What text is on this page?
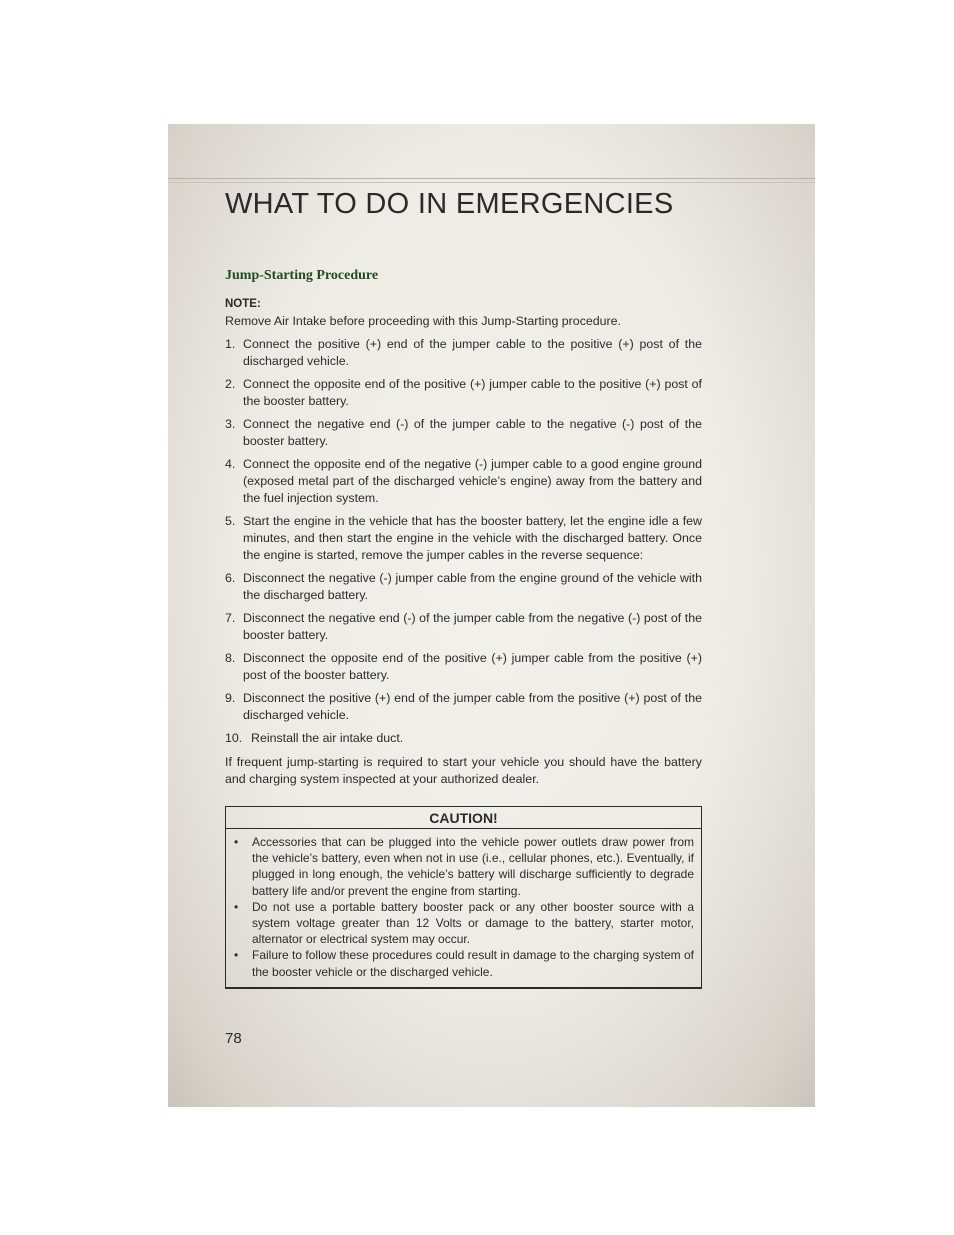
WHAT TO DO IN EMERGENCIES
Jump-Starting Procedure

NOTE:

Remove Air Intake before proceeding with this Jump-Starting procedure.

1. Connect the positive (+) end of the jumper cable to the positive (+) post of the discharged vehicle.
2. Connect the opposite end of the positive (+) jumper cable to the positive (+) post of the booster battery.
3. Connect the negative end (-) of the jumper cable to the negative (-) post of the booster battery.
4. Connect the opposite end of the negative (-) jumper cable to a good engine ground (exposed metal part of the discharged vehicle’s engine) away from the battery and the fuel injection system.
5. Start the engine in the vehicle that has the booster battery, let the engine idle a few minutes, and then start the engine in the vehicle with the discharged battery. Once the engine is started, remove the jumper cables in the reverse sequence:
6. Disconnect the negative (-) jumper cable from the engine ground of the vehicle with the discharged battery.
7. Disconnect the negative end (-) of the jumper cable from the negative (-) post of the booster battery.
8. Disconnect the opposite end of the positive (+) jumper cable from the positive (+) post of the booster battery.
9. Disconnect the positive (+) end of the jumper cable from the positive (+) post of the discharged vehicle.
10. Reinstall the air intake duct.

If frequent jump-starting is required to start your vehicle you should have the battery and charging system inspected at your authorized dealer.

CAUTION!
•	Accessories that can be plugged into the vehicle power outlets draw power from the vehicle’s battery, even when not in use (i.e., cellular phones, etc.). Eventually, if plugged in long enough, the vehicle’s battery will discharge sufficiently to degrade battery life and/or prevent the engine from starting.
•	Do not use a portable battery booster pack or any other booster source with a system voltage greater than 12 Volts or damage to the battery, starter motor, alternator or electrical system may occur.
•	Failure to follow these procedures could result in damage to the charging system of the booster vehicle or the discharged vehicle.
78
